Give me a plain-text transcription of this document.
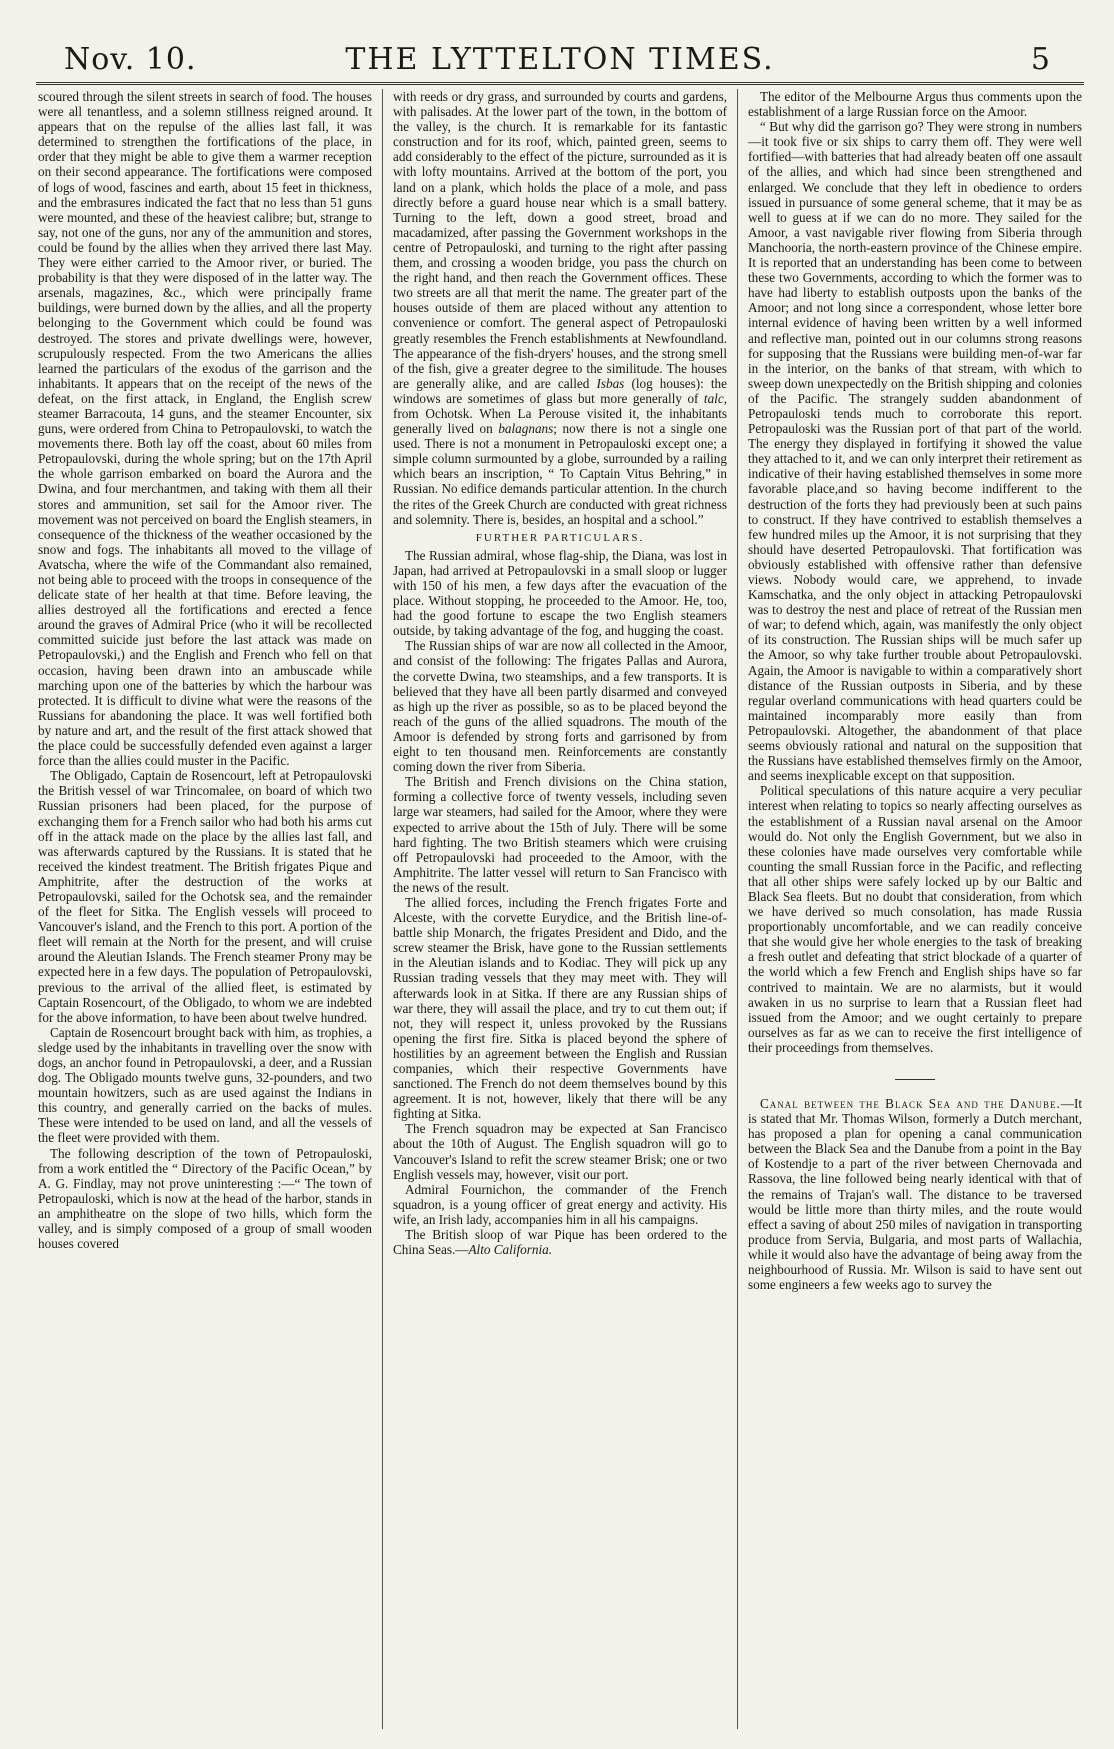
Nov. 10.	THE LYTTELTON TIMES.	5

scoured through the silent streets in search of food. The houses were all tenantless, and a solemn stillness reigned around. It appears that on the repulse of the allies last fall, it was determined to strengthen the fortifications of the place, in order that they might be able to give them a warmer reception on their second appearance. The fortifications were composed of logs of wood, fascines and earth, about 15 feet in thickness, and the embrasures indicated the fact that no less than 51 guns were mounted, and these of the heaviest calibre; but, strange to say, not one of the guns, nor any of the ammunition and stores, could be found by the allies when they arrived there last May. They were either carried to the Amoor river, or buried. The probability is that they were disposed of in the latter way. The arsenals, magazines, &c., which were principally frame buildings, were burned down by the allies, and all the property belonging to the Government which could be found was destroyed. The stores and private dwellings were, however, scrupulously respected. From the two Americans the allies learned the particulars of the exodus of the garrison and the inhabitants. It appears that on the receipt of the news of the defeat, on the first attack, in England, the English screw steamer Barracouta, 14 guns, and the steamer Encounter, six guns, were ordered from China to Petropaulovski, to watch the movements there. Both lay off the coast, about 60 miles from Petropaulovski, during the whole spring; but on the 17th April the whole garrison embarked on board the Aurora and the Dwina, and four merchantmen, and taking with them all their stores and ammunition, set sail for the Amoor river. The movement was not perceived on board the English steamers, in consequence of the thickness of the weather occasioned by the snow and fogs. The inhabitants all moved to the village of Avatscha, where the wife of the Commandant also remained, not being able to proceed with the troops in consequence of the delicate state of her health at that time. Before leaving, the allies destroyed all the fortifications and erected a fence around the graves of Admiral Price (who it will be recollected committed suicide just before the last attack was made on Petropaulovski,) and the English and French who fell on that occasion, having been drawn into an ambuscade while marching upon one of the batteries by which the harbour was protected. It is difficult to divine what were the reasons of the Russians for abandoning the place. It was well fortified both by nature and art, and the result of the first attack showed that the place could be successfully defended even against a larger force than the allies could muster in the Pacific.

The Obligado, Captain de Rosencourt, left at Petropaulovski the British vessel of war Trincomalee, on board of which two Russian prisoners had been placed, for the purpose of exchanging them for a French sailor who had both his arms cut off in the attack made on the place by the allies last fall, and was afterwards captured by the Russians. It is stated that he received the kindest treatment. The British frigates Pique and Amphitrite, after the destruction of the works at Petropaulovski, sailed for the Ochotsk sea, and the remainder of the fleet for Sitka. The English vessels will proceed to Vancouver's island, and the French to this port. A portion of the fleet will remain at the North for the present, and will cruise around the Aleutian Islands. The French steamer Prony may be expected here in a few days. The population of Petropaulovski, previous to the arrival of the allied fleet, is estimated by Captain Rosencourt, of the Obligado, to whom we are indebted for the above information, to have been about twelve hundred.

Captain de Rosencourt brought back with him, as trophies, a sledge used by the inhabitants in travelling over the snow with dogs, an anchor found in Petropaulovski, a deer, and a Russian dog. The Obligado mounts twelve guns, 32-pounders, and two mountain howitzers, such as are used against the Indians in this country, and generally carried on the backs of mules. These were intended to be used on land, and all the vessels of the fleet were provided with them.

The following description of the town of Petropauloski, from a work entitled the “ Directory of the Pacific Ocean,” by A. G. Findlay, may not prove uninteresting :—“ The town of Petropauloski, which is now at the head of the harbor, stands in an amphitheatre on the slope of two hills, which form the valley, and is simply composed of a group of small wooden houses covered

with reeds or dry grass, and surrounded by courts and gardens, with palisades. At the lower part of the town, in the bottom of the valley, is the church. It is remarkable for its fantastic construction and for its roof, which, painted green, seems to add considerably to the effect of the picture, surrounded as it is with lofty mountains. Arrived at the bottom of the port, you land on a plank, which holds the place of a mole, and pass directly before a guard house near which is a small battery. Turning to the left, down a good street, broad and macadamized, after passing the Government workshops in the centre of Petropauloski, and turning to the right after passing them, and crossing a wooden bridge, you pass the church on the right hand, and then reach the Government offices. These two streets are all that merit the name. The greater part of the houses outside of them are placed without any attention to convenience or comfort. The general aspect of Petropauloski greatly resembles the French establishments at Newfoundland. The appearance of the fish-dryers' houses, and the strong smell of the fish, give a greater degree to the similitude. The houses are generally alike, and are called Isbas (log houses): the windows are sometimes of glass but more generally of talc, from Ochotsk. When La Perouse visited it, the inhabitants generally lived on balagnans; now there is not a single one used. There is not a monument in Petropauloski except one; a simple column surmounted by a globe, surrounded by a railing which bears an inscription, “ To Captain Vitus Behring,” in Russian. No edifice demands particular attention. In the church the rites of the Greek Church are conducted with great richness and solemnity. There is, besides, an hospital and a school.”

FURTHER PARTICULARS.

The Russian admiral, whose flag-ship, the Diana, was lost in Japan, had arrived at Petropaulovski in a small sloop or lugger with 150 of his men, a few days after the evacuation of the place. Without stopping, he proceeded to the Amoor. He, too, had the good fortune to escape the two English steamers outside, by taking advantage of the fog, and hugging the coast.

The Russian ships of war are now all collected in the Amoor, and consist of the following: The frigates Pallas and Aurora, the corvette Dwina, two steamships, and a few transports. It is believed that they have all been partly disarmed and conveyed as high up the river as possible, so as to be placed beyond the reach of the guns of the allied squadrons. The mouth of the Amoor is defended by strong forts and garrisoned by from eight to ten thousand men. Reinforcements are constantly coming down the river from Siberia.

The British and French divisions on the China station, forming a collective force of twenty vessels, including seven large war steamers, had sailed for the Amoor, where they were expected to arrive about the 15th of July. There will be some hard fighting. The two British steamers which were cruising off Petropaulovski had proceeded to the Amoor, with the Amphitrite. The latter vessel will return to San Francisco with the news of the result.

The allied forces, including the French frigates Forte and Alceste, with the corvette Eurydice, and the British line-of-battle ship Monarch, the frigates President and Dido, and the screw steamer the Brisk, have gone to the Russian settlements in the Aleutian islands and to Kodiac. They will pick up any Russian trading vessels that they may meet with. They will afterwards look in at Sitka. If there are any Russian ships of war there, they will assail the place, and try to cut them out; if not, they will respect it, unless provoked by the Russians opening the first fire. Sitka is placed beyond the sphere of hostilities by an agreement between the English and Russian companies, which their respective Governments have sanctioned. The French do not deem themselves bound by this agreement. It is not, however, likely that there will be any fighting at Sitka.

The French squadron may be expected at San Francisco about the 10th of August. The English squadron will go to Vancouver's Island to refit the screw steamer Brisk; one or two English vessels may, however, visit our port.

Admiral Fournichon, the commander of the French squadron, is a young officer of great energy and activity. His wife, an Irish lady, accompanies him in all his campaigns.

The British sloop of war Pique has been ordered to the China Seas.—Alto California.

The editor of the Melbourne Argus thus comments upon the establishment of a large Russian force on the Amoor.

“ But why did the garrison go? They were strong in numbers—it took five or six ships to carry them off. They were well fortified—with batteries that had already beaten off one assault of the allies, and which had since been strengthened and enlarged. We conclude that they left in obedience to orders issued in pursuance of some general scheme, that it may be as well to guess at if we can do no more. They sailed for the Amoor, a vast navigable river flowing from Siberia through Manchooria, the north-eastern province of the Chinese empire. It is reported that an understanding has been come to between these two Governments, according to which the former was to have had liberty to establish outposts upon the banks of the Amoor; and not long since a correspondent, whose letter bore internal evidence of having been written by a well informed and reflective man, pointed out in our columns strong reasons for supposing that the Russians were building men-of-war far in the interior, on the banks of that stream, with which to sweep down unexpectedly on the British shipping and colonies of the Pacific. The strangely sudden abandonment of Petropauloski tends much to corroborate this report. Petropauloski was the Russian port of that part of the world. The energy they displayed in fortifying it showed the value they attached to it, and we can only interpret their retirement as indicative of their having established themselves in some more favorable place,and so having become indifferent to the destruction of the forts they had previously been at such pains to construct. If they have contrived to establish themselves a few hundred miles up the Amoor, it is not surprising that they should have deserted Petropaulovski. That fortification was obviously established with offensive rather than defensive views. Nobody would care, we apprehend, to invade Kamschatka, and the only object in attacking Petropaulovski was to destroy the nest and place of retreat of the Russian men of war; to defend which, again, was manifestly the only object of its construction. The Russian ships will be much safer up the Amoor, so why take further trouble about Petropaulovski. Again, the Amoor is navigable to within a comparatively short distance of the Russian outposts in Siberia, and by these regular overland communications with head quarters could be maintained incomparably more easily than from Petropaulovski. Altogether, the abandonment of that place seems obviously rational and natural on the supposition that the Russians have established themselves firmly on the Amoor, and seems inexplicable except on that supposition.

Political speculations of this nature acquire a very peculiar interest when relating to topics so nearly affecting ourselves as the establishment of a Russian naval arsenal on the Amoor would do. Not only the English Government, but we also in these colonies have made ourselves very comfortable while counting the small Russian force in the Pacific, and reflecting that all other ships were safely locked up by our Baltic and Black Sea fleets. But no doubt that consideration, from which we have derived so much consolation, has made Russia proportionably uncomfortable, and we can readily conceive that she would give her whole energies to the task of breaking a fresh outlet and defeating that strict blockade of a quarter of the world which a few French and English ships have so far contrived to maintain. We are no alarmists, but it would awaken in us no surprise to learn that a Russian fleet had issued from the Amoor; and we ought certainly to prepare ourselves as far as we can to receive the first intelligence of their proceedings from themselves.

Canal between the Black Sea and the Danube.—It is stated that Mr. Thomas Wilson, formerly a Dutch merchant, has proposed a plan for opening a canal communication between the Black Sea and the Danube from a point in the Bay of Kostendje to a part of the river between Chernovada and Rassova, the line followed being nearly identical with that of the remains of Trajan's wall. The distance to be traversed would be little more than thirty miles, and the route would effect a saving of about 250 miles of navigation in transporting produce from Servia, Bulgaria, and most parts of Wallachia, while it would also have the advantage of being away from the neighbourhood of Russia. Mr. Wilson is said to have sent out some engineers a few weeks ago to survey the
